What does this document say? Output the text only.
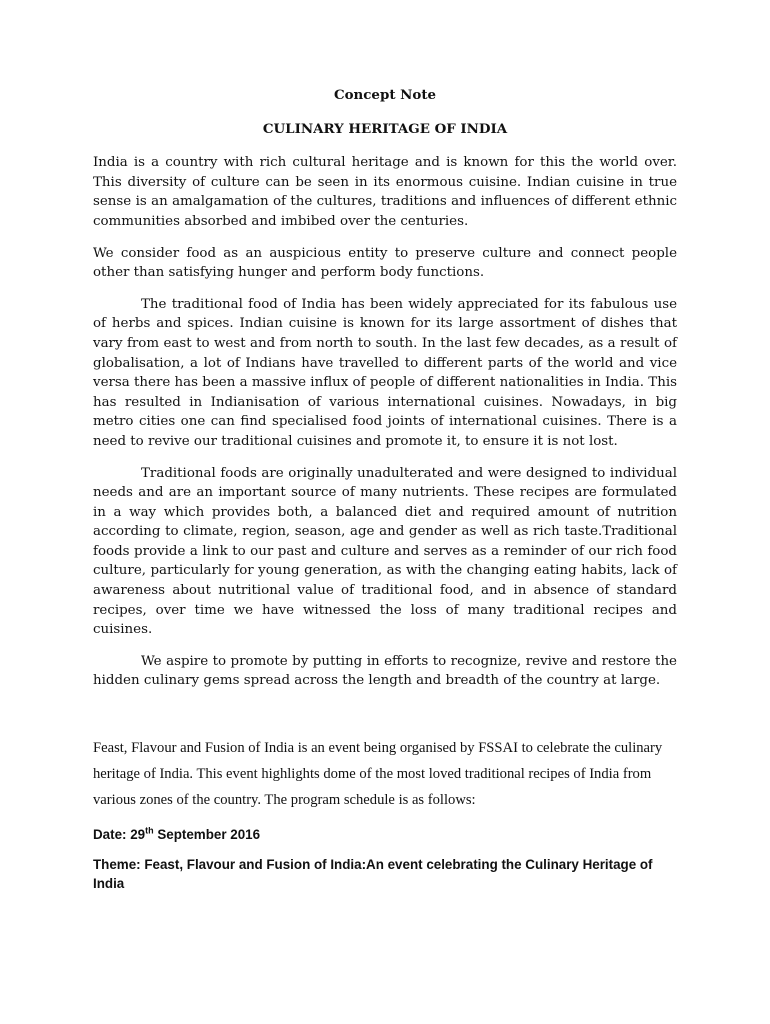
Concept Note
CULINARY HERITAGE OF INDIA

India is a country with rich cultural heritage and is known for this the world over. This diversity of culture can be seen in its enormous cuisine. Indian cuisine in true sense is an amalgamation of the cultures, traditions and influences of different ethnic communities absorbed and imbibed over the centuries.

We consider food as an auspicious entity to preserve culture and connect people other than satisfying hunger and perform body functions.

The traditional food of India has been widely appreciated for its fabulous use of herbs and spices. Indian cuisine is known for its large assortment of dishes that vary from east to west and from north to south. In the last few decades, as a result of globalisation, a lot of Indians have travelled to different parts of the world and vice versa there has been a massive influx of people of different nationalities in India. This has resulted in Indianisation of various international cuisines. Nowadays, in big metro cities one can find specialised food joints of international cuisines. There is a need to revive our traditional cuisines and promote it, to ensure it is not lost.

Traditional foods are originally unadulterated and were designed to individual needs and are an important source of many nutrients. These recipes are formulated in a way which provides both, a balanced diet and required amount of nutrition according to climate, region, season, age and gender as well as rich taste.Traditional foods provide a link to our past and culture and serves as a reminder of our rich food culture, particularly for young generation, as with the changing eating habits, lack of awareness about nutritional value of traditional food, and in absence of standard recipes, over time we have witnessed the loss of many traditional recipes and cuisines.

We aspire to promote by putting in efforts to recognize, revive and restore the hidden culinary gems spread across the length and breadth of the country at large.

Feast, Flavour and Fusion of India is an event being organised by FSSAI to celebrate the culinary heritage of India. This event highlights dome of the most loved traditional recipes of India from various zones of the country. The program schedule is as follows:

Date: 29th September 2016
Theme: Feast, Flavour and Fusion of India:An event celebrating the Culinary Heritage of India
